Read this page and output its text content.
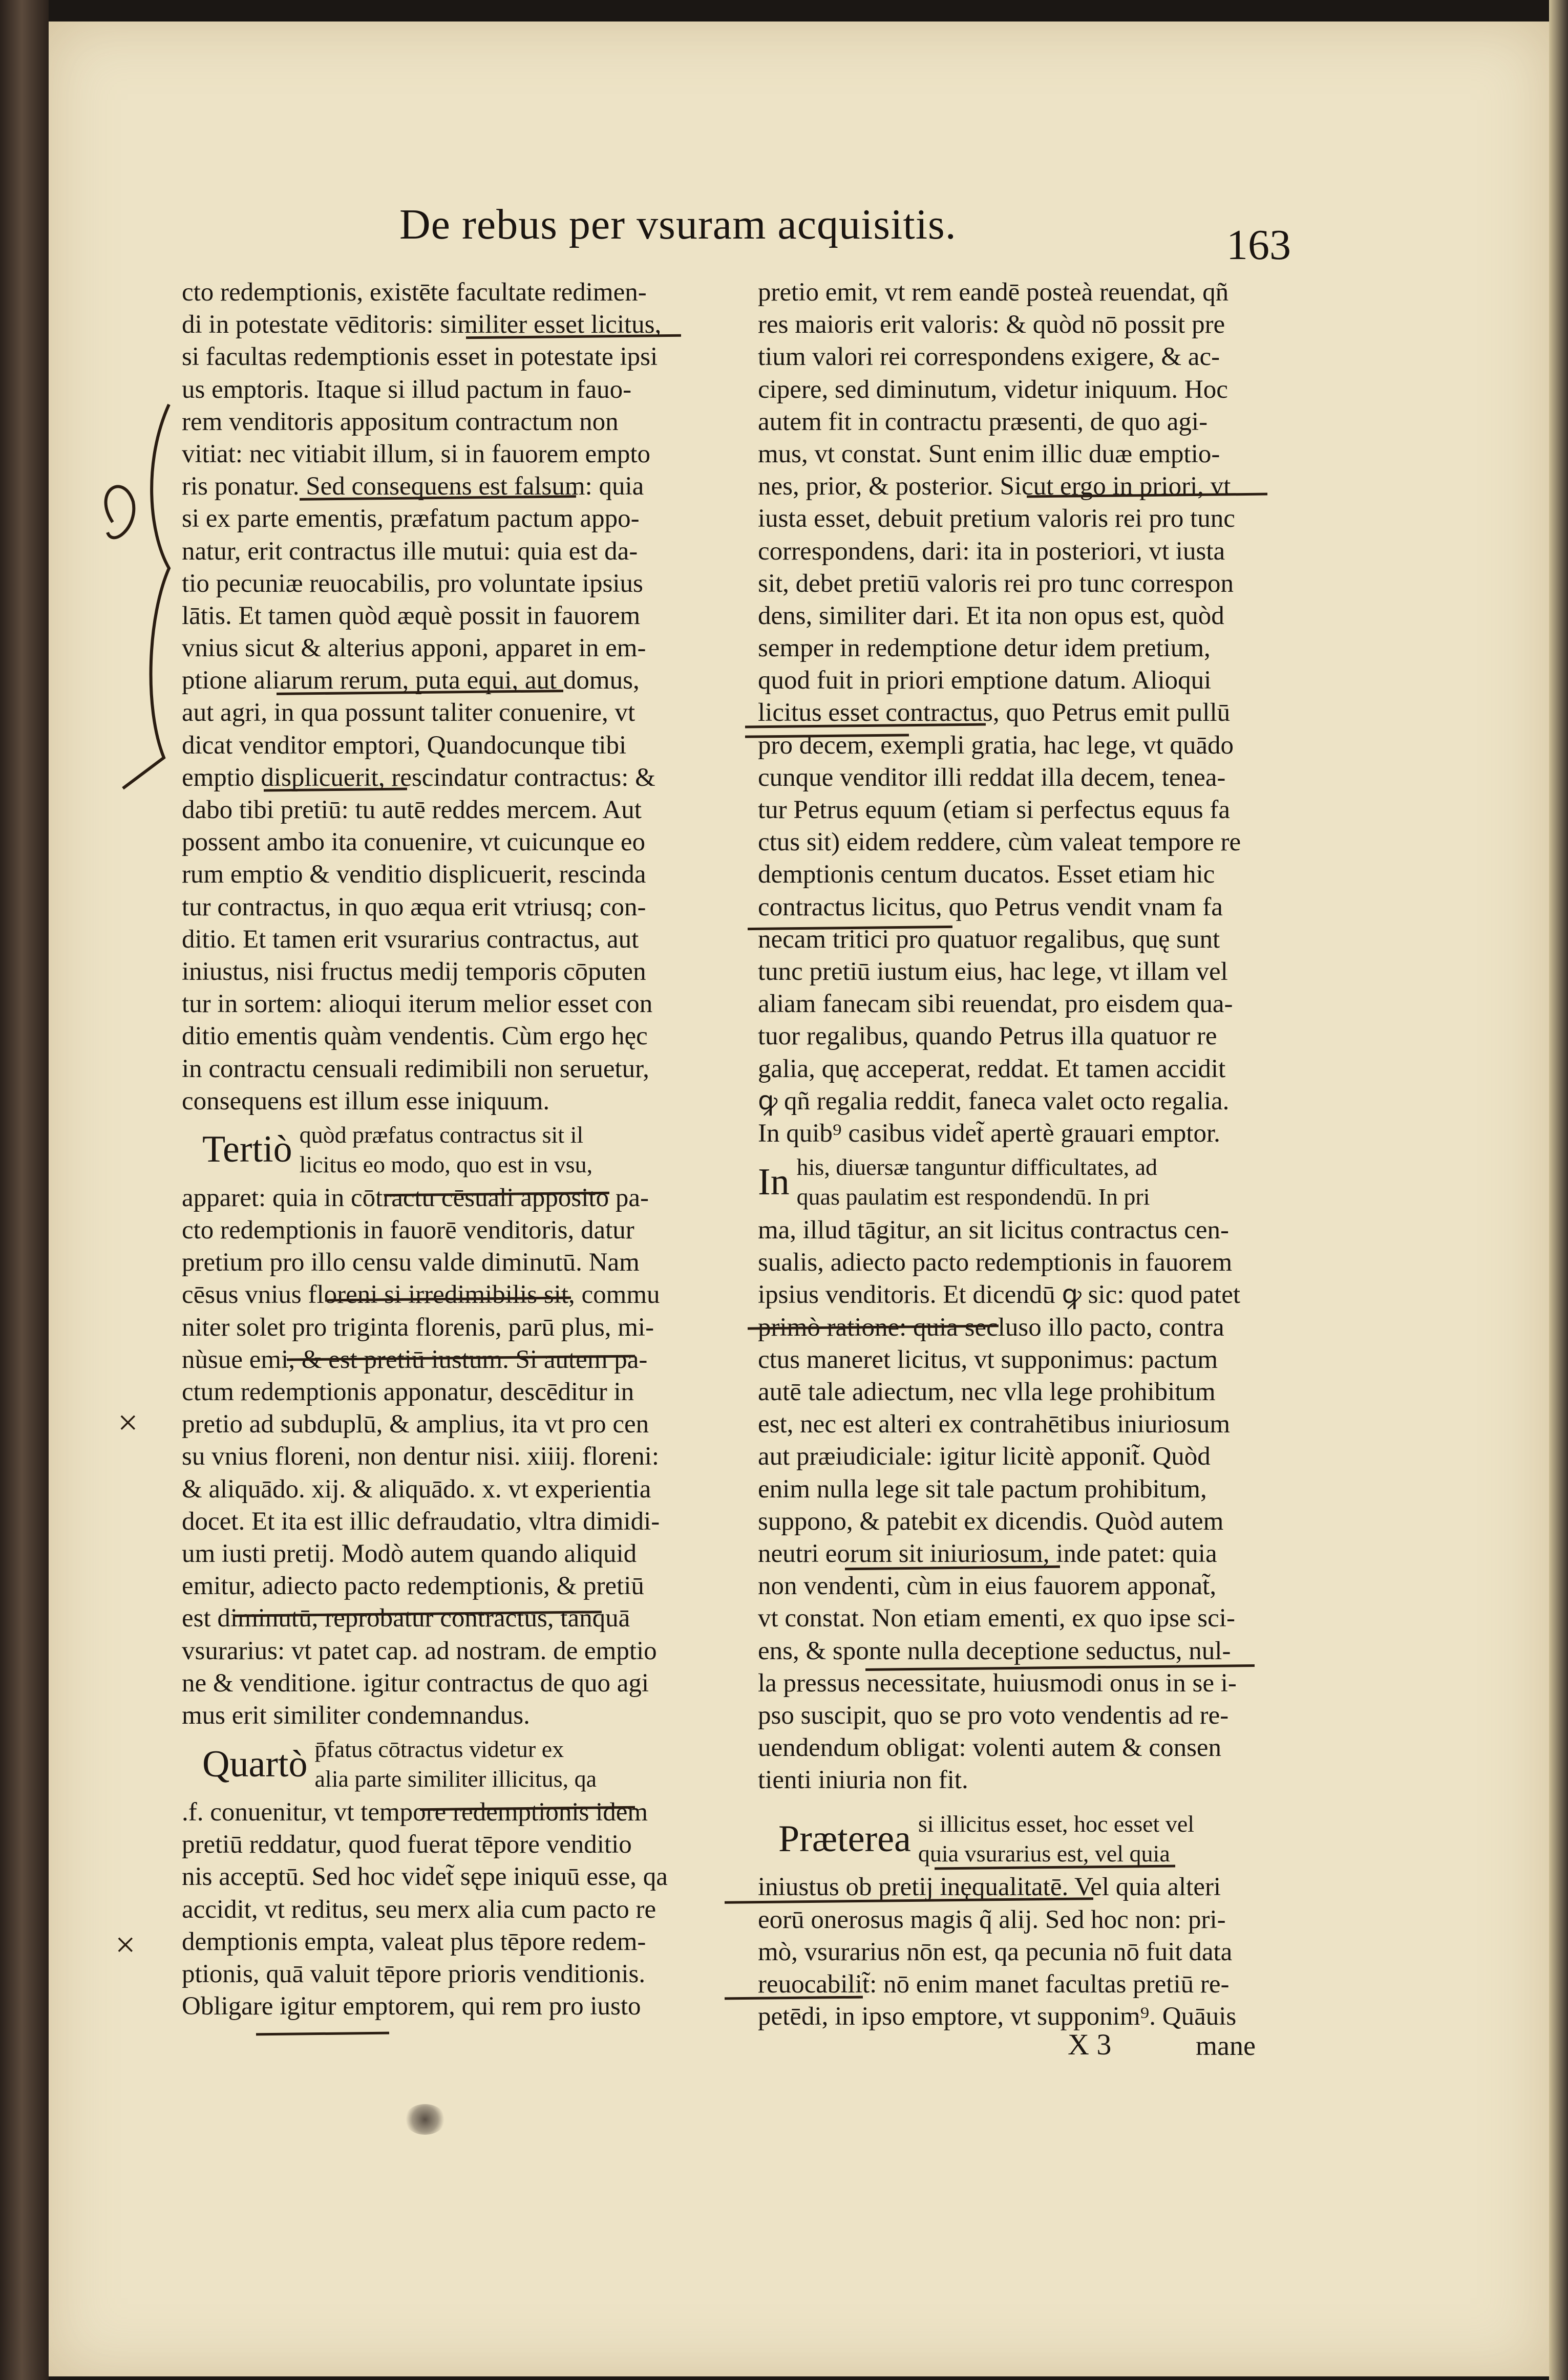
De rebus per vsuram acquisitis.	163
cto redemptionis, existēte facultate redimen-
di in potestate vēditoris: similiter esset licitus,
si facultas redemptionis esset in potestate ipsi
us emptoris. Itaque si illud pactum in fauo-
rem venditoris appositum contractum non
vitiat: nec vitiabit illum, si in fauorem empto
ris ponatur. Sed consequens est falsum: quia
si ex parte ementis, præfatum pactum appo-
natur, erit contractus ille mutui: quia est da-
tio pecuniæ reuocabilis, pro voluntate ipsius
lātis. Et tamen quòd æquè possit in fauorem
vnius sicut & alterius apponi, apparet in em-
ptione aliarum rerum, puta equi, aut domus,
aut agri, in qua possunt taliter conuenire, vt
dicat venditor emptori, Quandocunque tibi
emptio displicuerit, rescindatur contractus: &
dabo tibi pretiū: tu autē reddes mercem. Aut
possent ambo ita conuenire, vt cuicunque eo
rum emptio & venditio displicuerit, rescinda
tur contractus, in quo æqua erit vtriusq; con-
ditio. Et tamen erit vsurarius contractus, aut
iniustus, nisi fructus medij temporis cōputen
tur in sortem: alioqui iterum melior esset con
ditio ementis quàm vendentis. Cùm ergo hęc
in contractu censuali redimibili non seruetur,
consequens est illum esse iniquum.
Tertiò quòd præfatus contractus sit il
licitus eo modo, quo est in vsu,
apparet: quia in cōtractu cēsuali apposito pa-
cto redemptionis in fauorē venditoris, datur
pretium pro illo censu valde diminutū. Nam
cēsus vnius floreni si irredimibilis sit, commu
niter solet pro triginta florenis, parū plus, mi-
nùsue emi, & est pretiū iustum. Si autem pa-
ctum redemptionis apponatur, descēditur in
pretio ad subduplū, & amplius, ita vt pro cen
su vnius floreni, non dentur nisi. xiiij. floreni:
& aliquādo. xij. & aliquādo. x. vt experientia
docet. Et ita est illic defraudatio, vltra dimidi-
um iusti pretij. Modò autem quando aliquid
emitur, adiecto pacto redemptionis, & pretiū
est diminutū, reprobatur contractus, tanquā
vsurarius: vt patet cap. ad nostram. de emptio
ne & venditione. igitur contractus de quo agi
mus erit similiter condemnandus.
Quartò p̄fatus cōtractus videtur ex
alia parte similiter illicitus, qa
.f. conuenitur, vt tempore redemptionis idem
pretiū reddatur, quod fuerat tēpore venditio
nis acceptū. Sed hoc videt̃ sępe iniquū esse, qa
accidit, vt reditus, seu merx alia cum pacto re
demptionis empta, valeat plus tēpore redem-
ptionis, quā valuit tēpore prioris venditionis.
Obligare igitur emptorem, qui rem pro iusto
pretio emit, vt rem eandē posteà reuendat, qñ
res maioris erit valoris: & quòd nō possit pre
tium valori rei correspondens exigere, & ac-
cipere, sed diminutum, videtur iniquum. Hoc
autem fit in contractu præsenti, de quo agi-
mus, vt constat. Sunt enim illic duæ emptio-
nes, prior, & posterior. Sicut ergo in priori, vt
iusta esset, debuit pretium valoris rei pro tunc
correspondens, dari: ita in posteriori, vt iusta
sit, debet pretiū valoris rei pro tunc correspon
dens, similiter dari. Et ita non opus est, quòd
semper in redemptione detur idem pretium,
quod fuit in priori emptione datum. Alioqui
licitus esset contractus, quo Petrus emit pullū
pro decem, exempli gratia, hac lege, vt quādo
cunque venditor illi reddat illa decem, tenea-
tur Petrus equum (etiam si perfectus equus fa
ctus sit) eidem reddere, cùm valeat tempore re
demptionis centum ducatos. Esset etiam hic
contractus licitus, quo Petrus vendit vnam fa
necam tritici pro quatuor regalibus, quę sunt
tunc pretiū iustum eius, hac lege, vt illam vel
aliam fanecam sibi reuendat, pro eisdem qua-
tuor regalibus, quando Petrus illa quatuor re
galia, quę acceperat, reddat. Et tamen accidit
ꝙ qñ regalia reddit, faneca valet octo regalia.
In quib⁹ casibus videt̃ apertè grauari emptor.
In his, diuersæ tanguntur difficultates, ad
quas paulatim est respondendū. In pri
ma, illud tāgitur, an sit licitus contractus cen-
sualis, adiecto pacto redemptionis in fauorem
ipsius venditoris. Et dicendū ꝙ sic: quod patet
primò ratione: quia secluso illo pacto, contra
ctus maneret licitus, vt supponimus: pactum
autē tale adiectum, nec vlla lege prohibitum
est, nec est alteri ex contrahētibus iniuriosum
aut præiudiciale: igitur licitè apponit̃. Quòd
enim nulla lege sit tale pactum prohibitum,
suppono, & patebit ex dicendis. Quòd autem
neutri eorum sit iniuriosum, inde patet: quia
non vendenti, cùm in eius fauorem apponat̃,
vt constat. Non etiam ementi, ex quo ipse sci-
ens, & sponte nulla deceptione seductus, nul-
la pressus necessitate, huiusmodi onus in se i-
pso suscipit, quo se pro voto vendentis ad re-
uendendum obligat: volenti autem & consen
tienti iniuria non fit.
Præterea si illicitus esset, hoc esset vel
quia vsurarius est, vel quia
iniustus ob pretij inęqualitatē. Vel quia alteri
eorū onerosus magis q̃ alij. Sed hoc non: pri-
mò, vsurarius nōn est, qa pecunia nō fuit data
reuocabilit̃: nō enim manet facultas pretiū re-
petēdi, in ipso emptore, vt supponim⁹. Quāuis
X 3	mane
×
×
